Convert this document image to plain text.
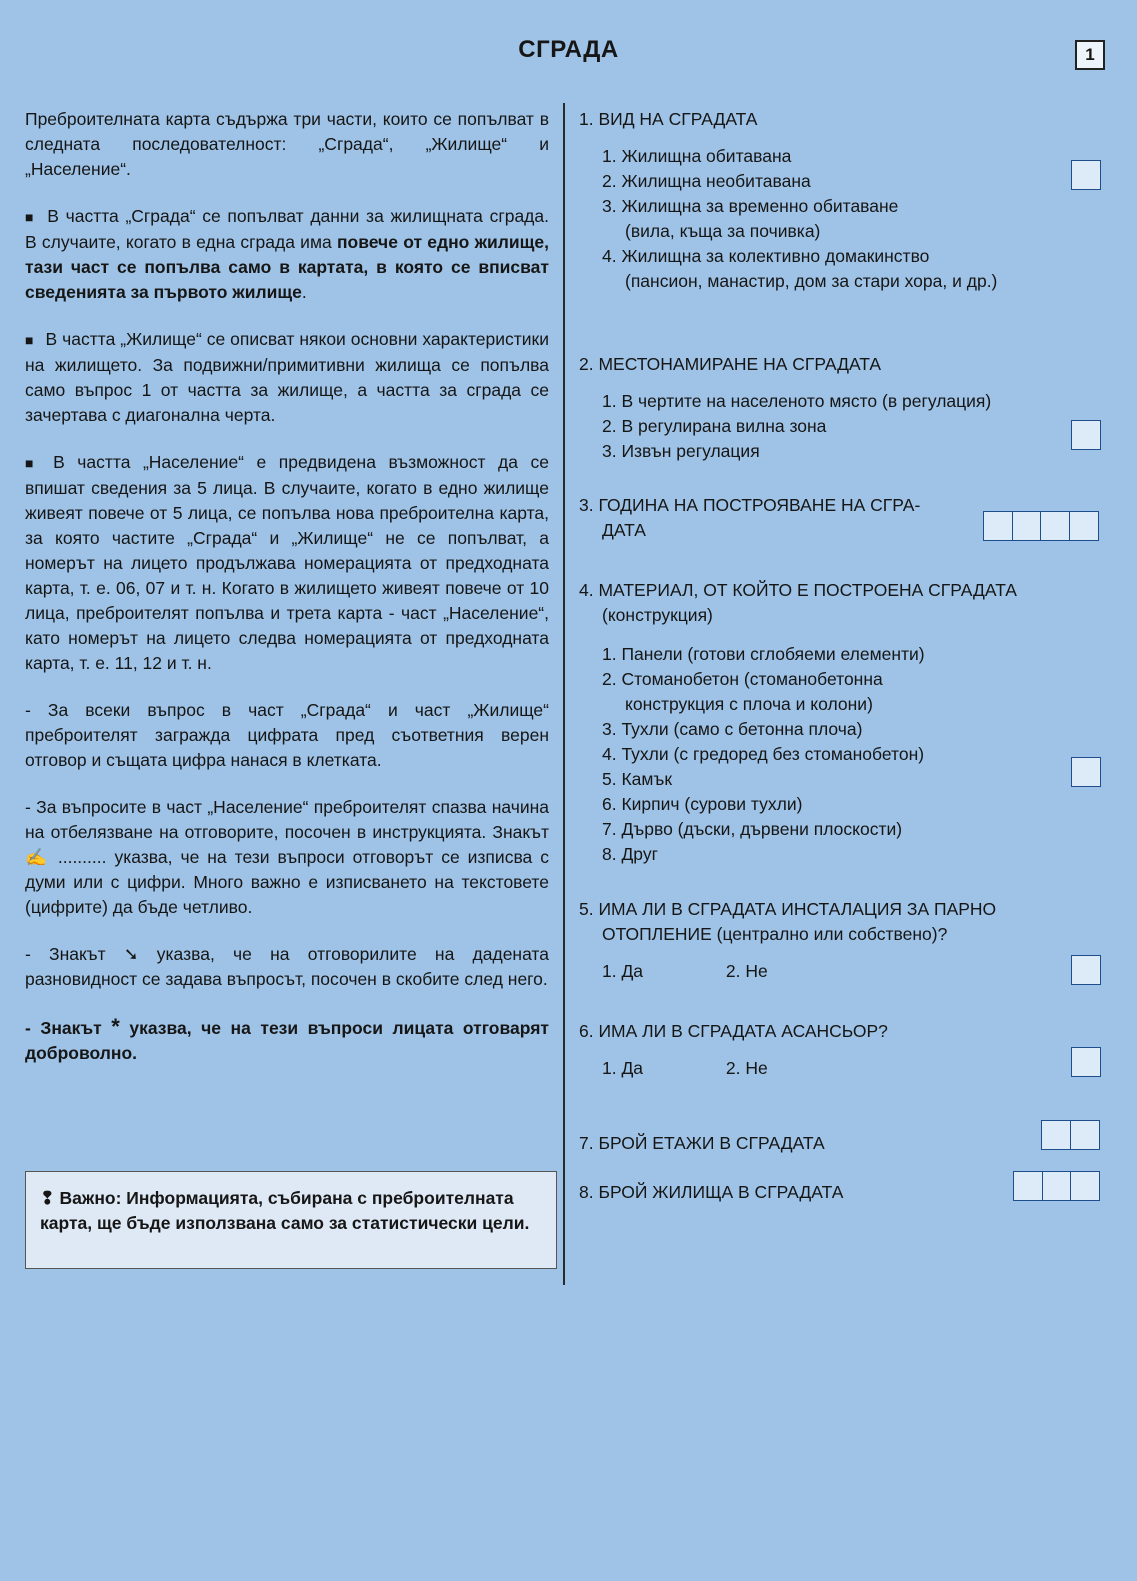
СГРАДА	1

Преброителната карта съдържа три части, които се попълват в следната последователност: „Сграда“, „Жилище“ и „Население“.

■ В частта „Сграда“ се попълват данни за жилищната сграда. В случаите, когато в една сграда има повече от едно жилище, тази част се попълва само в картата, в която се вписват сведенията за първото жилище.

■ В частта „Жилище“ се описват някои основни характеристики на жилището. За подвижни/примитивни жилища се попълва само въпрос 1 от частта за жилище, а частта за сграда се зачертава с диагонална черта.

■ В частта „Население“ е предвидена възможност да се впишат сведения за 5 лица. В случаите, когато в едно жилище живеят повече от 5 лица, се попълва нова преброителна карта, за която частите „Сграда“ и „Жилище“ не се попълват, а номерът на лицето продължава номерацията от предходната карта, т. е. 06, 07 и т. н. Когато в жилището живеят повече от 10 лица, преброителят попълва и трета карта - част „Население“, като номерът на лицето следва номерацията от предходната карта, т. е. 11, 12 и т. н.

- За всеки въпрос в част „Сграда“ и част „Жилище“ преброителят загражда цифрата пред съответния верен отговор и същата цифра нанася в клетката.

- За въпросите в част „Население“ преброителят спазва начина на отбелязване на отговорите, посочен в инструкцията. Знакът ✍ .......... указва, че на тези въпроси отговорът се изписва с думи или с цифри. Много важно е изписването на текстовете (цифрите) да бъде четливо.

- Знакът ➘ указва, че на отговорилите на дадената разновидност се задава въпросът, посочен в скобите след него.

- Знакът * указва, че на тези въпроси лицата отговарят доброволно.

❢ Важно: Информацията, събирана с преброителната карта, ще бъде използвана само за статистически цели.
1. ВИД НА СГРАДАТА
1. Жилищна обитавана
2. Жилищна необитавана
3. Жилищна за временно обитаване
(вила, къща за почивка)
4. Жилищна за колективно домакинство
(пансион, манастир, дом за стари хора, и др.)
2. МЕСТОНАМИРАНЕ НА СГРАДАТА
1. В чертите на населеното място (в регулация)
2. В регулирана вилна зона
3. Извън регулация
3. ГОДИНА НА ПОСТРОЯВАНЕ НА СГРА-
ДАТА
4. МАТЕРИАЛ, ОТ КОЙТО Е ПОСТРОЕНА СГРАДАТА
(конструкция)
1. Панели (готови сглобяеми елементи)
2. Стоманобетон (стоманобетонна
конструкция с плоча и колони)
3. Тухли (само с бетонна плоча)
4. Тухли (с гредоред без стоманобетон)
5. Камък
6. Кирпич (сурови тухли)
7. Дърво (дъски, дървени плоскости)
8. Друг
5. ИМА ЛИ В СГРАДАТА ИНСТАЛАЦИЯ ЗА ПАРНО
ОТОПЛЕНИЕ (централно или собствено)?
1. Да	2. Не
6. ИМА ЛИ В СГРАДАТА АСАНСЬОР?
1. Да	2. Не
7. БРОЙ ЕТАЖИ В СГРАДАТА
8. БРОЙ ЖИЛИЩА В СГРАДАТА
